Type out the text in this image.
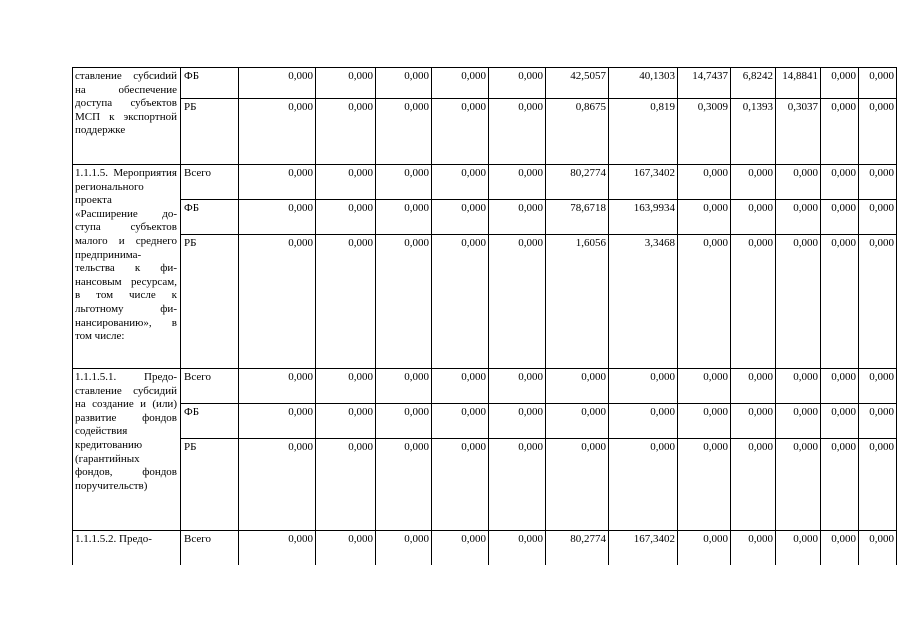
ставление субсиdий на обеспечение доступа субъектов МСП к экспортной поддержке	ФБ	0,000	0,000	0,000	0,000	0,000	42,5057	40,1303	14,7437	6,8242	14,8841	0,000	0,000
	РБ	0,000	0,000	0,000	0,000	0,000	0,8675	0,819	0,3009	0,1393	0,3037	0,000	0,000
1.1.1.5. Мероприятия регионального проекта «Расширение доступа субъектов малого и среднего предпринимательства к финансовым ресурсам, в том числе к льготному финансированию», в том числе:	Всего	0,000	0,000	0,000	0,000	0,000	80,2774	167,3402	0,000	0,000	0,000	0,000	0,000
	ФБ	0,000	0,000	0,000	0,000	0,000	78,6718	163,9934	0,000	0,000	0,000	0,000	0,000
	РБ	0,000	0,000	0,000	0,000	0,000	1,6056	3,3468	0,000	0,000	0,000	0,000	0,000
1.1.1.5.1. Предоставление субсидий на создание и (или) развитие фондов содействия кредитованию (гарантийных фондов, фондов поручительств)	Всего	0,000	0,000	0,000	0,000	0,000	0,000	0,000	0,000	0,000	0,000	0,000	0,000
	ФБ	0,000	0,000	0,000	0,000	0,000	0,000	0,000	0,000	0,000	0,000	0,000	0,000
	РБ	0,000	0,000	0,000	0,000	0,000	0,000	0,000	0,000	0,000	0,000	0,000	0,000
1.1.1.5.2. Предо-	Всего	0,000	0,000	0,000	0,000	0,000	80,2774	167,3402	0,000	0,000	0,000	0,000	0,000
